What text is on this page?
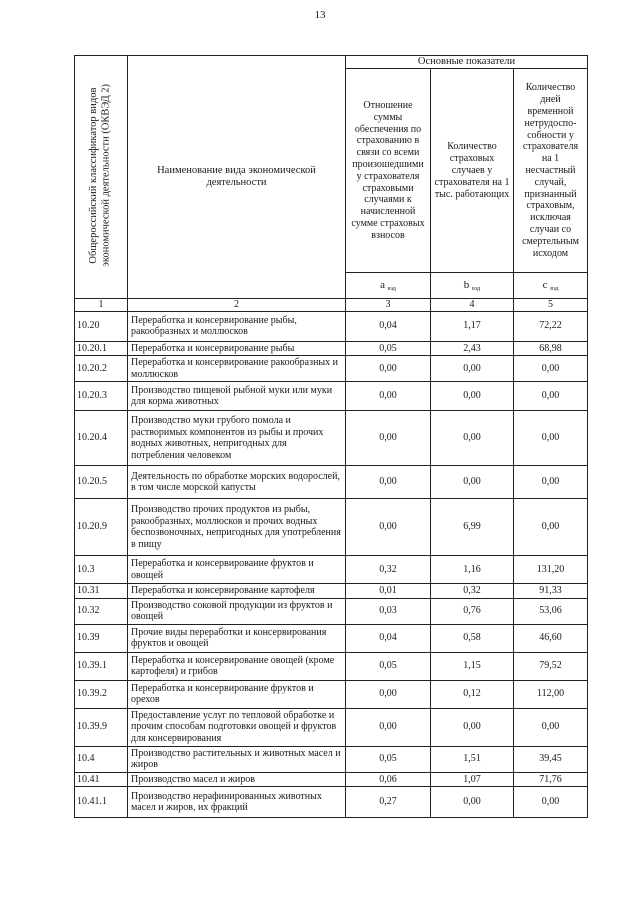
13
Общероссийский классификатор видов
экономической деятельности (ОКВЭД 2)	Наименование вида экономической деятельности	Основные показатели		
		Отношение суммы обеспечения по страхованию в связи со всеми произошедшими у страхователя страховыми случаями к начисленной сумме страховых взносов	Количество страховых случаев у страхователя на 1 тыс. работающих	Количество дней временной нетрудоспо-собности у страхователя на 1 несчастный случай, признанный страховым, исключая случаи со смертельным исходом
		a $_{вэд}$	b $_{вэд}$	c $_{вэд}$
1	2	3	4	5
10.20	Переработка и консервирование рыбы, ракообразных и моллюсков	0,04	1,17	72,22
10.20.1	Переработка и консервирование рыбы	0,05	2,43	68,98
10.20.2	Переработка и консервирование ракообразных и моллюсков	0,00	0,00	0,00
10.20.3	Производство пищевой рыбной муки или муки для корма животных	0,00	0,00	0,00
10.20.4	Производство муки грубого помола и растворимых компонентов из рыбы и прочих водных животных, непригодных для потребления человеком	0,00	0,00	0,00
10.20.5	Деятельность по обработке морских водорослей, в том числе морской капусты	0,00	0,00	0,00
10.20.9	Производство прочих продуктов из рыбы, ракообразных, моллюсков и прочих водных беспозвоночных, непригодных для употребления в пищу	0,00	6,99	0,00
10.3	Переработка и консервирование фруктов и овощей	0,32	1,16	131,20
10.31	Переработка и консервирование картофеля	0,01	0,32	91,33
10.32	Производство соковой продукции из фруктов и овощей	0,03	0,76	53,06
10.39	Прочие виды переработки и консервирования фруктов и овощей	0,04	0,58	46,60
10.39.1	Переработка и консервирование овощей (кроме картофеля) и грибов	0,05	1,15	79,52
10.39.2	Переработка и консервирование фруктов и орехов	0,00	0,12	112,00
10.39.9	Предоставление услуг по тепловой обработке и прочим способам подготовки овощей и фруктов для консервирования	0,00	0,00	0,00
10.4	Производство растительных и животных масел и жиров	0,05	1,51	39,45
10.41	Производство масел и жиров	0,06	1,07	71,76
10.41.1	Производство нерафинированных животных масел и жиров, их фракций	0,27	0,00	0,00
